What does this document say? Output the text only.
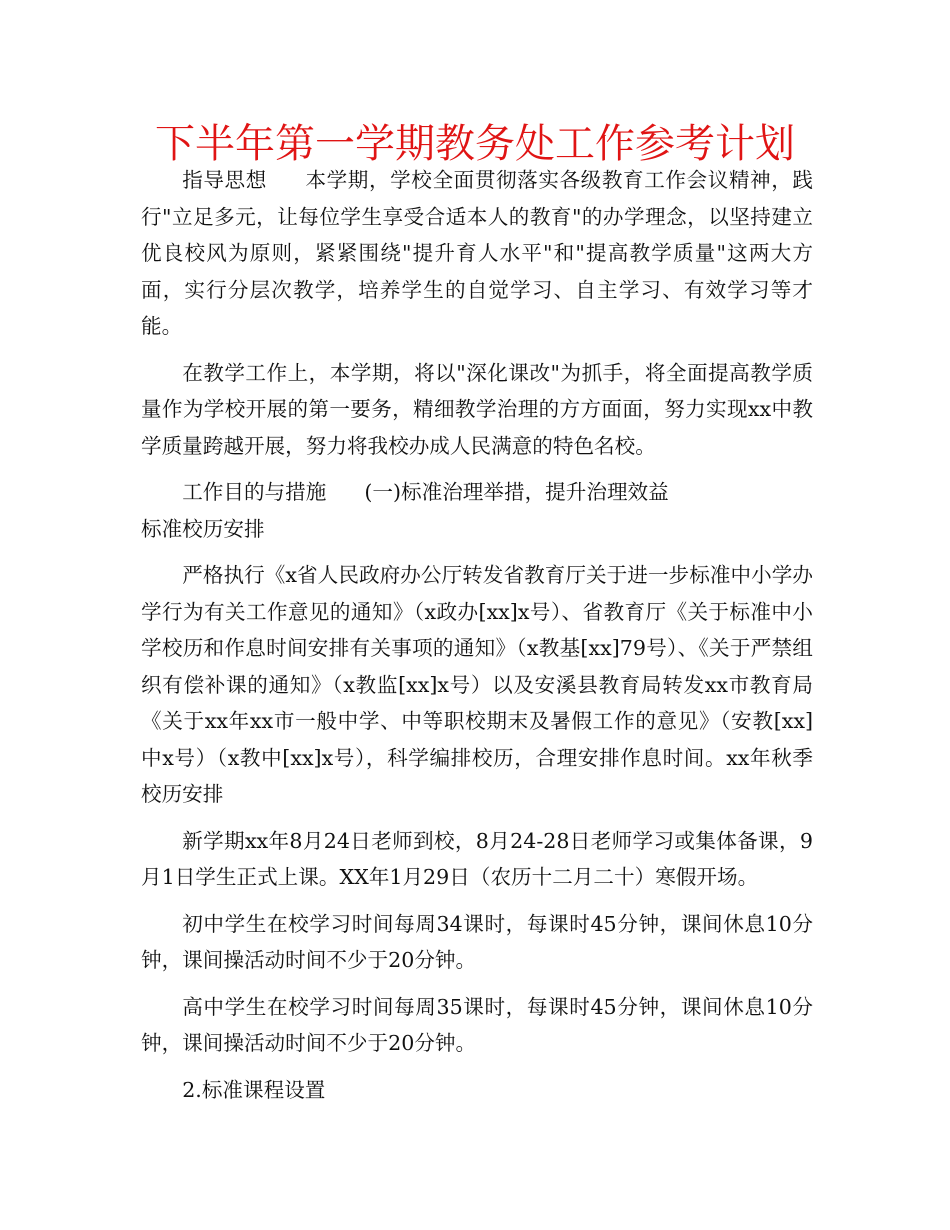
下半年第一学期教务处工作参考计划

指导思想 本学期，学校全面贯彻落实各级教育工作会议精神，践行"立足多元，让每位学生享受合适本人的教育"的办学理念，以坚持建立优良校风为原则，紧紧围绕"提升育人水平"和"提高教学质量"这两大方面，实行分层次教学，培养学生的自觉学习、自主学习、有效学习等才能。

在教学工作上，本学期，将以"深化课改"为抓手，将全面提高教学质量作为学校开展的第一要务，精细教学治理的方方面面，努力实现xx中教学质量跨越开展，努力将我校办成人民满意的特色名校。

工作目的与措施 (一)标准治理举措，提升治理效益

标准校历安排

严格执行《x省人民政府办公厅转发省教育厅关于进一步标准中小学办学行为有关工作意见的通知》（x政办[xx]x号）、省教育厅《关于标准中小学校历和作息时间安排有关事项的通知》（x教基[xx]79号）、《关于严禁组织有偿补课的通知》（x教监[xx]x号）以及安溪县教育局转发xx市教育局《关于xx年xx市一般中学、中等职校期末及暑假工作的意见》（安教[xx]中x号）（x教中[xx]x号），科学编排校历，合理安排作息时间。xx年秋季校历安排

新学期xx年8月24日老师到校，8月24-28日老师学习或集体备课，9月1日学生正式上课。XX年1月29日（农历十二月二十）寒假开场。

初中学生在校学习时间每周34课时，每课时45分钟，课间休息10分钟，课间操活动时间不少于20分钟。

高中学生在校学习时间每周35课时，每课时45分钟，课间休息10分钟，课间操活动时间不少于20分钟。

2.标准课程设置
